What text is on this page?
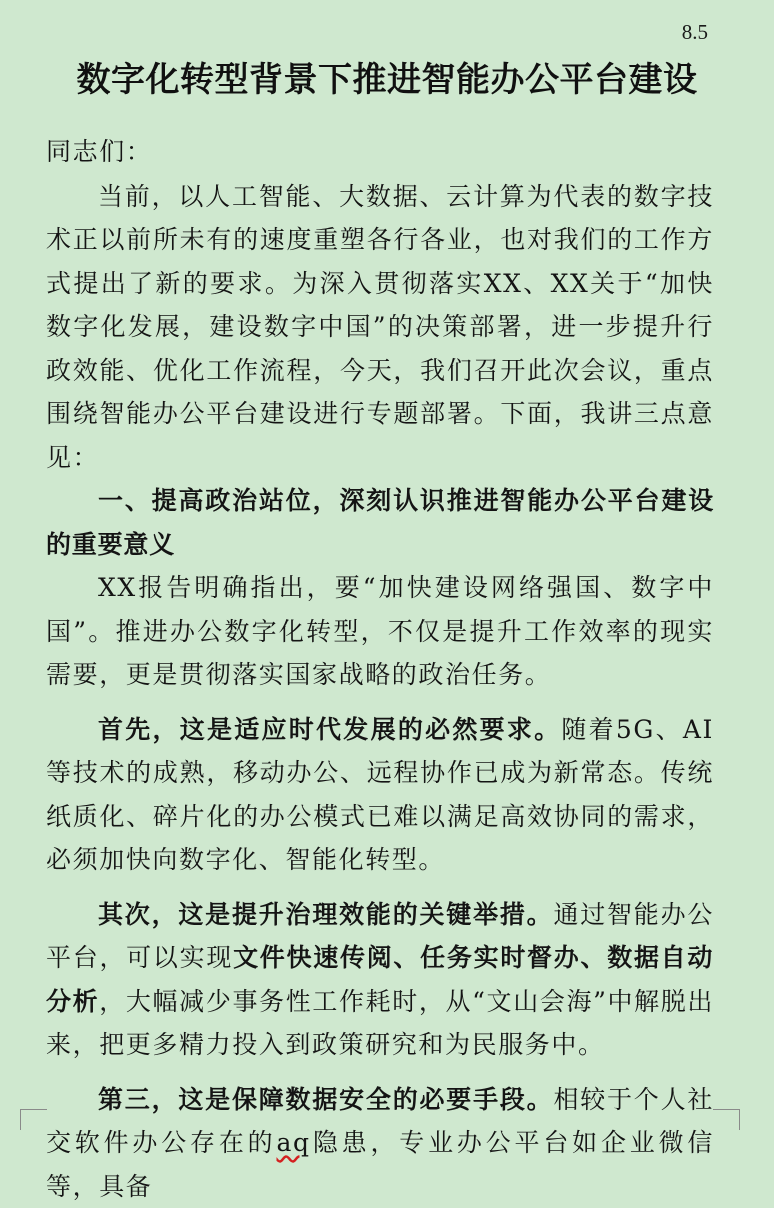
8.5
数字化转型背景下推进智能办公平台建设

同志们：

当前，以人工智能、大数据、云计算为代表的数字技术正以前所未有的速度重塑各行各业，也对我们的工作方式提出了新的要求。为深入贯彻落实XX、XX关于“加快数字化发展，建设数字中国”的决策部署，进一步提升行政效能、优化工作流程，今天，我们召开此次会议，重点围绕智能办公平台建设进行专题部署。下面，我讲三点意见：

一、提高政治站位，深刻认识推进智能办公平台建设的重要意义

XX报告明确指出，要“加快建设网络强国、数字中国”。推进办公数字化转型，不仅是提升工作效率的现实需要，更是贯彻落实国家战略的政治任务。

首先，这是适应时代发展的必然要求。随着5G、AI等技术的成熟，移动办公、远程协作已成为新常态。传统纸质化、碎片化的办公模式已难以满足高效协同的需求，必须加快向数字化、智能化转型。

其次，这是提升治理效能的关键举措。通过智能办公平台，可以实现文件快速传阅、任务实时督办、数据自动分析，大幅减少事务性工作耗时，从“文山会海”中解脱出来，把更多精力投入到政策研究和为民服务中。

第三，这是保障数据安全的必要手段。相较于个人社交软件办公存在的aq隐患，专业办公平台如企业微信等，具备
